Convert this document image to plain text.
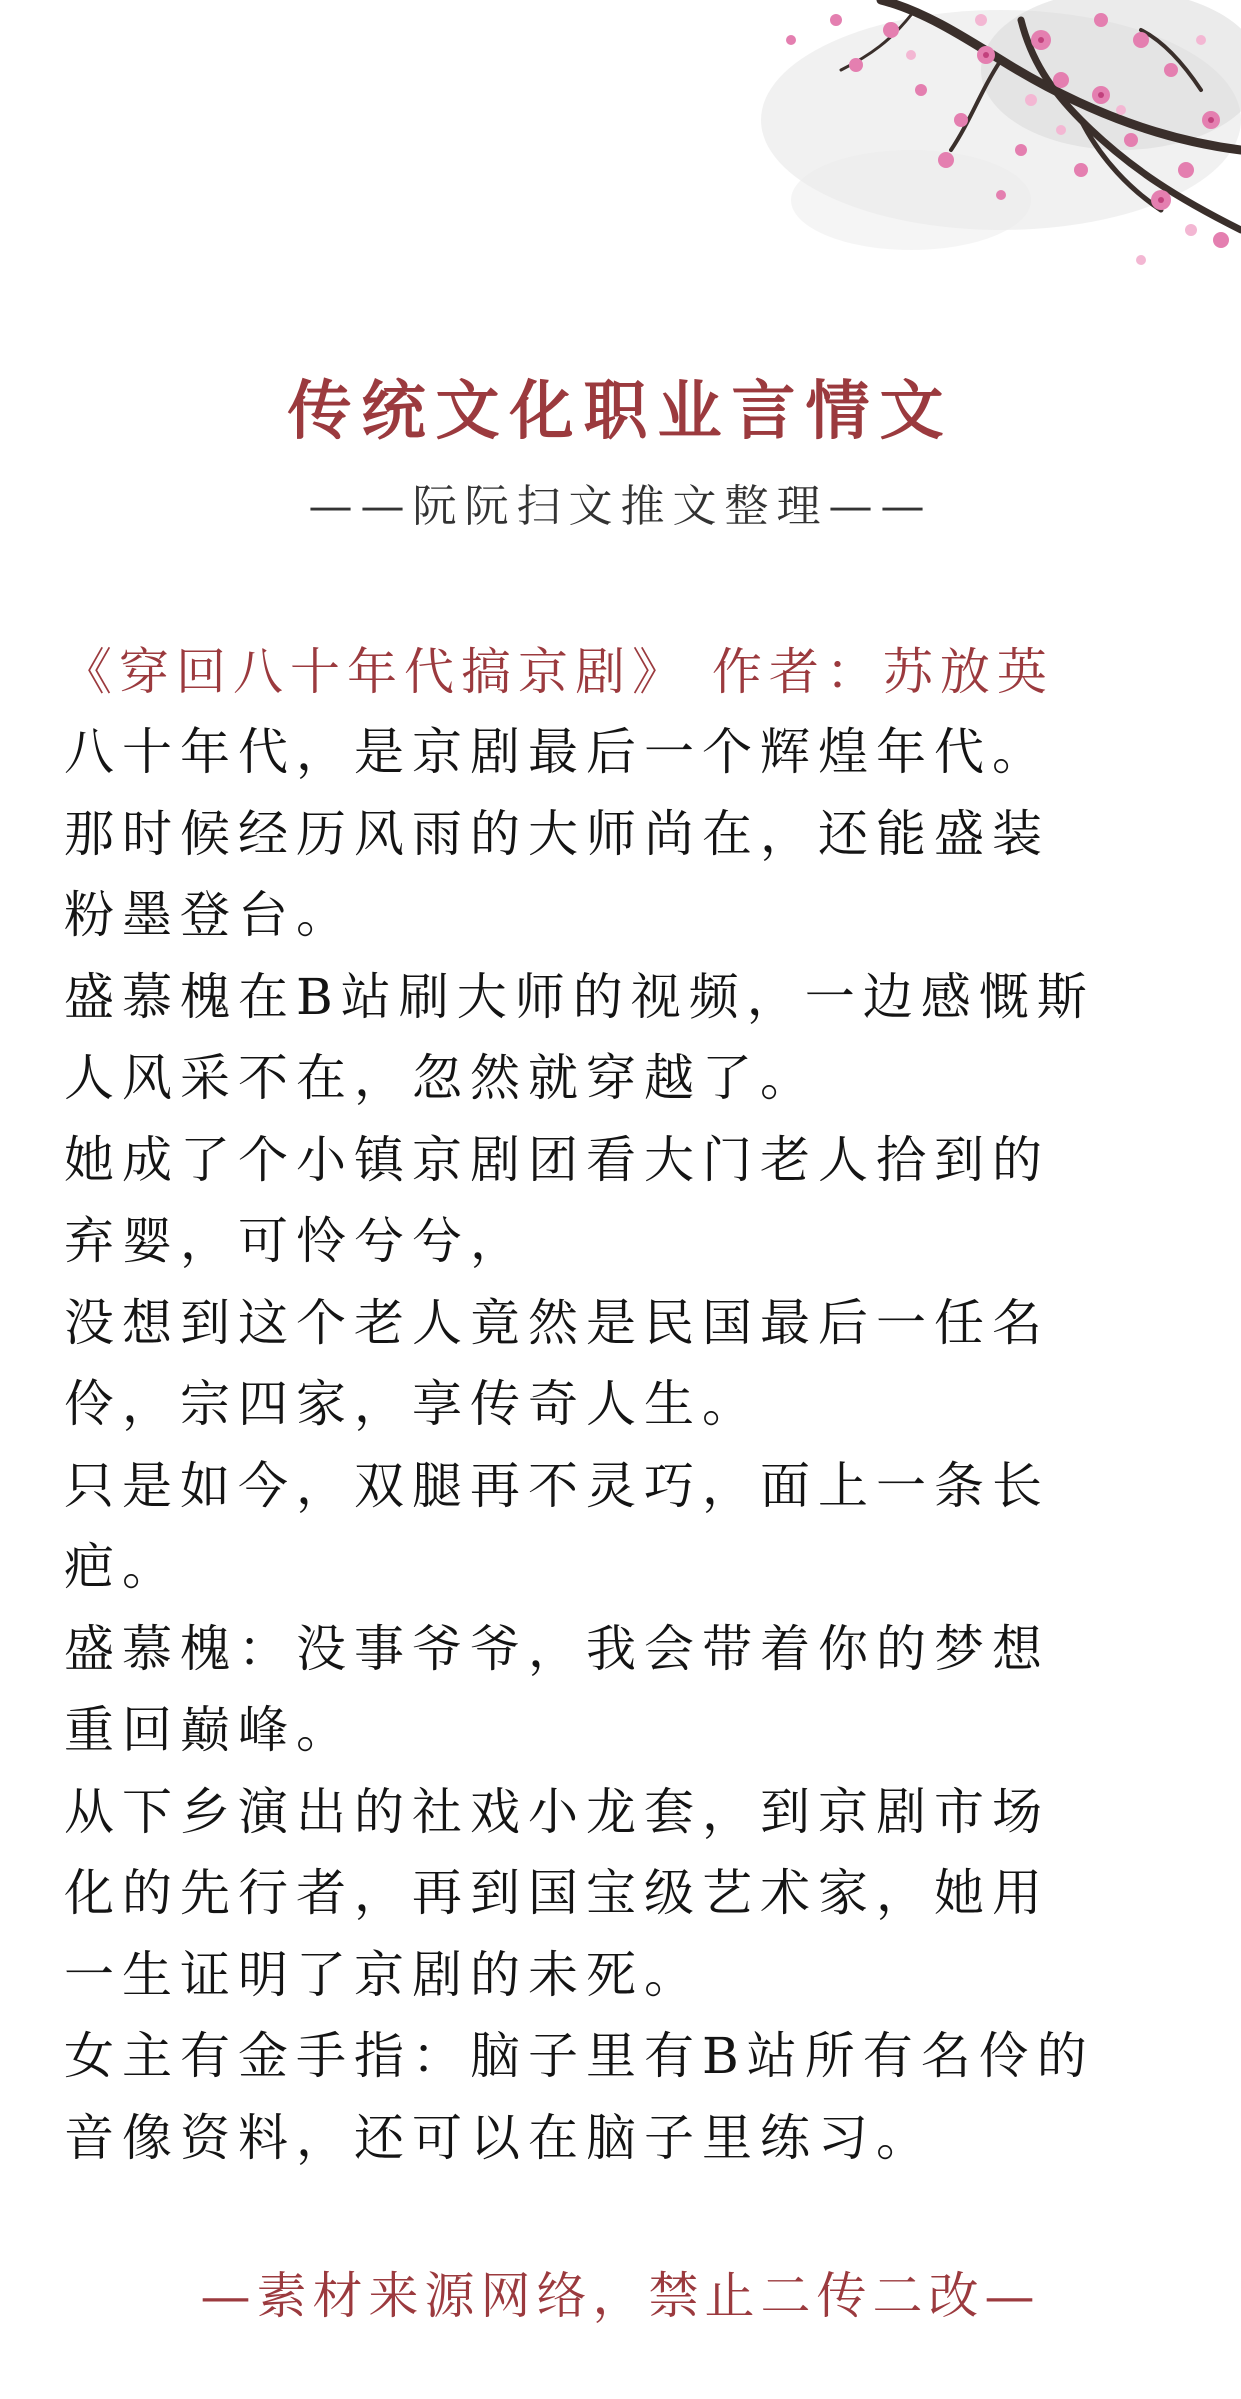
传统文化职业言情文
——阮阮扫文推文整理——
《穿回八十年代搞京剧》 作者：苏放英
八十年代，是京剧最后一个辉煌年代。
那时候经历风雨的大师尚在，还能盛装
粉墨登台。
盛慕槐在B站刷大师的视频，一边感慨斯
人风采不在，忽然就穿越了。
她成了个小镇京剧团看大门老人拾到的
弃婴，可怜兮兮，
没想到这个老人竟然是民国最后一任名
伶，宗四家，享传奇人生。
只是如今，双腿再不灵巧，面上一条长
疤。
盛慕槐：没事爷爷，我会带着你的梦想
重回巅峰。
从下乡演出的社戏小龙套，到京剧市场
化的先行者，再到国宝级艺术家，她用
一生证明了京剧的未死。
女主有金手指：脑子里有B站所有名伶的
音像资料，还可以在脑子里练习。
—素材来源网络，禁止二传二改—
